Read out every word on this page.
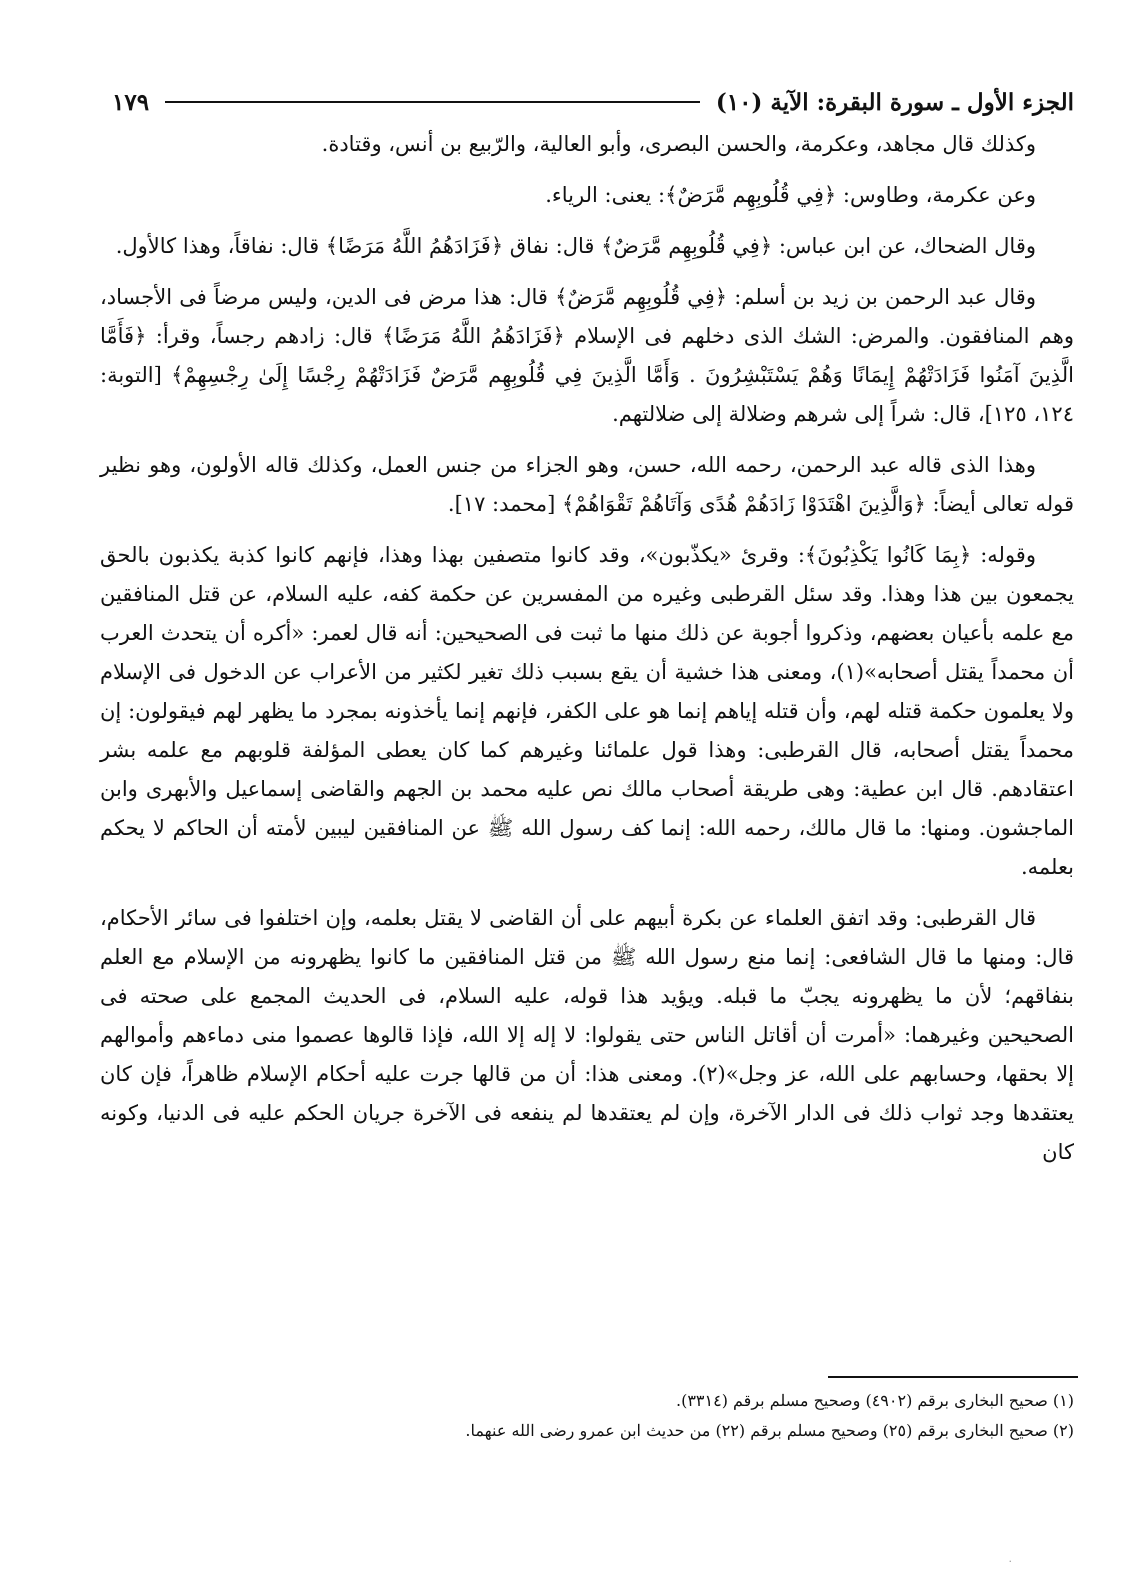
الجزء الأول ـ سورة البقرة: الآية (١٠)
١٧٩

وكذلك قال مجاهد، وعكرمة، والحسن البصرى، وأبو العالية، والرّبيع بن أنس، وقتادة.

وعن عكرمة، وطاوس: ﴿فِي قُلُوبِهِم مَّرَضٌ﴾: يعنى: الرياء.

وقال الضحاك، عن ابن عباس: ﴿فِي قُلُوبِهِم مَّرَضٌ﴾ قال: نفاق ﴿فَزَادَهُمُ اللَّهُ مَرَضًا﴾ قال: نفاقاً، وهذا كالأول.

وقال عبد الرحمن بن زيد بن أسلم: ﴿فِي قُلُوبِهِم مَّرَضٌ﴾ قال: هذا مرض فى الدين، وليس مرضاً فى الأجساد، وهم المنافقون. والمرض: الشك الذى دخلهم فى الإسلام ﴿فَزَادَهُمُ اللَّهُ مَرَضًا﴾ قال: زادهم رجساً، وقرأ: ﴿فَأَمَّا الَّذِينَ آمَنُوا فَزَادَتْهُمْ إِيمَانًا وَهُمْ يَسْتَبْشِرُونَ . وَأَمَّا الَّذِينَ فِي قُلُوبِهِم مَّرَضٌ فَزَادَتْهُمْ رِجْسًا إِلَىٰ رِجْسِهِمْ﴾ [التوبة: ١٢٤، ١٢٥]، قال: شراً إلى شرهم وضلالة إلى ضلالتهم.

وهذا الذى قاله عبد الرحمن، رحمه الله، حسن، وهو الجزاء من جنس العمل، وكذلك قاله الأولون، وهو نظير قوله تعالى أيضاً: ﴿وَالَّذِينَ اهْتَدَوْا زَادَهُمْ هُدًى وَآتَاهُمْ تَقْوَاهُمْ﴾ [محمد: ١٧].

وقوله: ﴿بِمَا كَانُوا يَكْذِبُونَ﴾: وقرئ «يكذّبون»، وقد كانوا متصفين بهذا وهذا، فإنهم كانوا كذبة يكذبون بالحق يجمعون بين هذا وهذا. وقد سئل القرطبى وغيره من المفسرين عن حكمة كفه، عليه السلام، عن قتل المنافقين مع علمه بأعيان بعضهم، وذكروا أجوبة عن ذلك منها ما ثبت فى الصحيحين: أنه قال لعمر: «أكره أن يتحدث العرب أن محمداً يقتل أصحابه»(١)، ومعنى هذا خشية أن يقع بسبب ذلك تغير لكثير من الأعراب عن الدخول فى الإسلام ولا يعلمون حكمة قتله لهم، وأن قتله إياهم إنما هو على الكفر، فإنهم إنما يأخذونه بمجرد ما يظهر لهم فيقولون: إن محمداً يقتل أصحابه، قال القرطبى: وهذا قول علمائنا وغيرهم كما كان يعطى المؤلفة قلوبهم مع علمه بشر اعتقادهم. قال ابن عطية: وهى طريقة أصحاب مالك نص عليه محمد بن الجهم والقاضى إسماعيل والأبهرى وابن الماجشون. ومنها: ما قال مالك، رحمه الله: إنما كف رسول الله ﷺ عن المنافقين ليبين لأمته أن الحاكم لا يحكم بعلمه.

قال القرطبى: وقد اتفق العلماء عن بكرة أبيهم على أن القاضى لا يقتل بعلمه، وإن اختلفوا فى سائر الأحكام، قال: ومنها ما قال الشافعى: إنما منع رسول الله ﷺ من قتل المنافقين ما كانوا يظهرونه من الإسلام مع العلم بنفاقهم؛ لأن ما يظهرونه يجبّ ما قبله. ويؤيد هذا قوله، عليه السلام، فى الحديث المجمع على صحته فى الصحيحين وغيرهما: «أمرت أن أقاتل الناس حتى يقولوا: لا إله إلا الله، فإذا قالوها عصموا منى دماءهم وأموالهم إلا بحقها، وحسابهم على الله، عز وجل»(٢). ومعنى هذا: أن من قالها جرت عليه أحكام الإسلام ظاهراً، فإن كان يعتقدها وجد ثواب ذلك فى الدار الآخرة، وإن لم يعتقدها لم ينفعه فى الآخرة جريان الحكم عليه فى الدنيا، وكونه كان

(١) صحيح البخارى برقم (٤٩٠٢) وصحيح مسلم برقم (٣٣١٤).

(٢) صحيح البخارى برقم (٢٥) وصحيح مسلم برقم (٢٢) من حديث ابن عمرو رضى الله عنهما.

.
